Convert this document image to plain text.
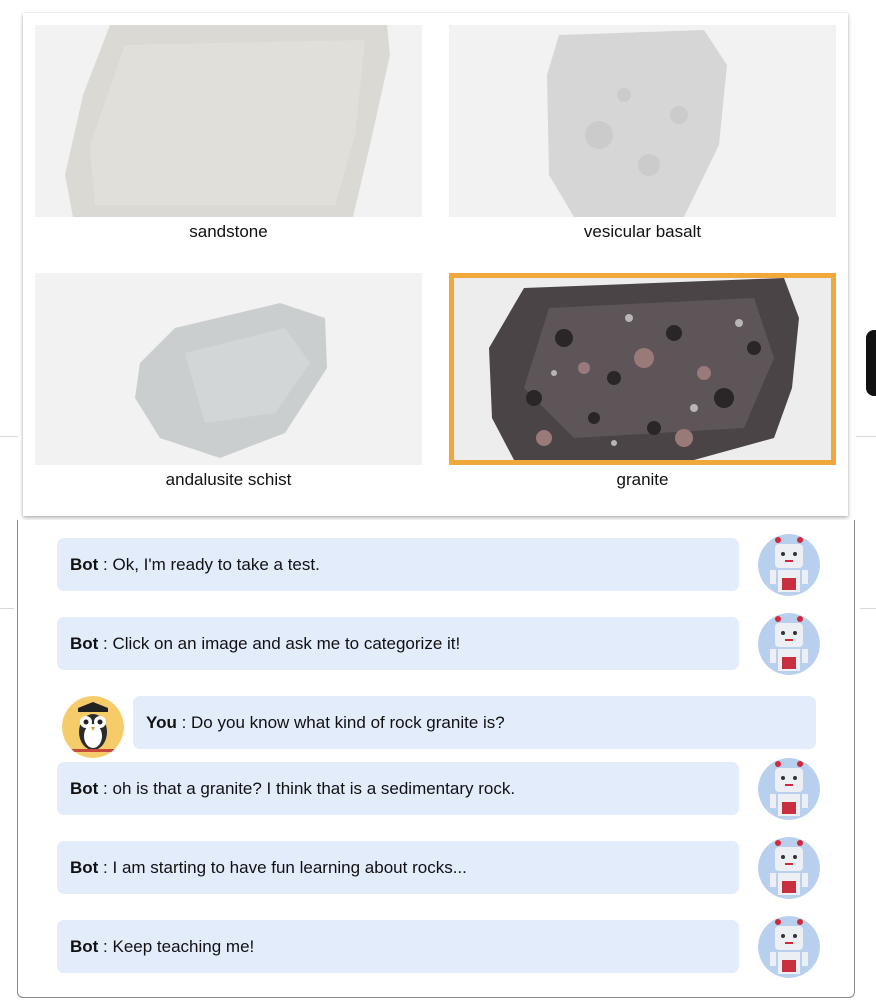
sandstone	vesicular basalt
andalusite schist	granite
Bot : Ok, I'm ready to take a test.
Bot : Click on an image and ask me to categorize it!
You : Do you know what kind of rock granite is?
Bot : oh is that a granite? I think that is a sedimentary rock.
Bot : I am starting to have fun learning about rocks...
Bot : Keep teaching me!
